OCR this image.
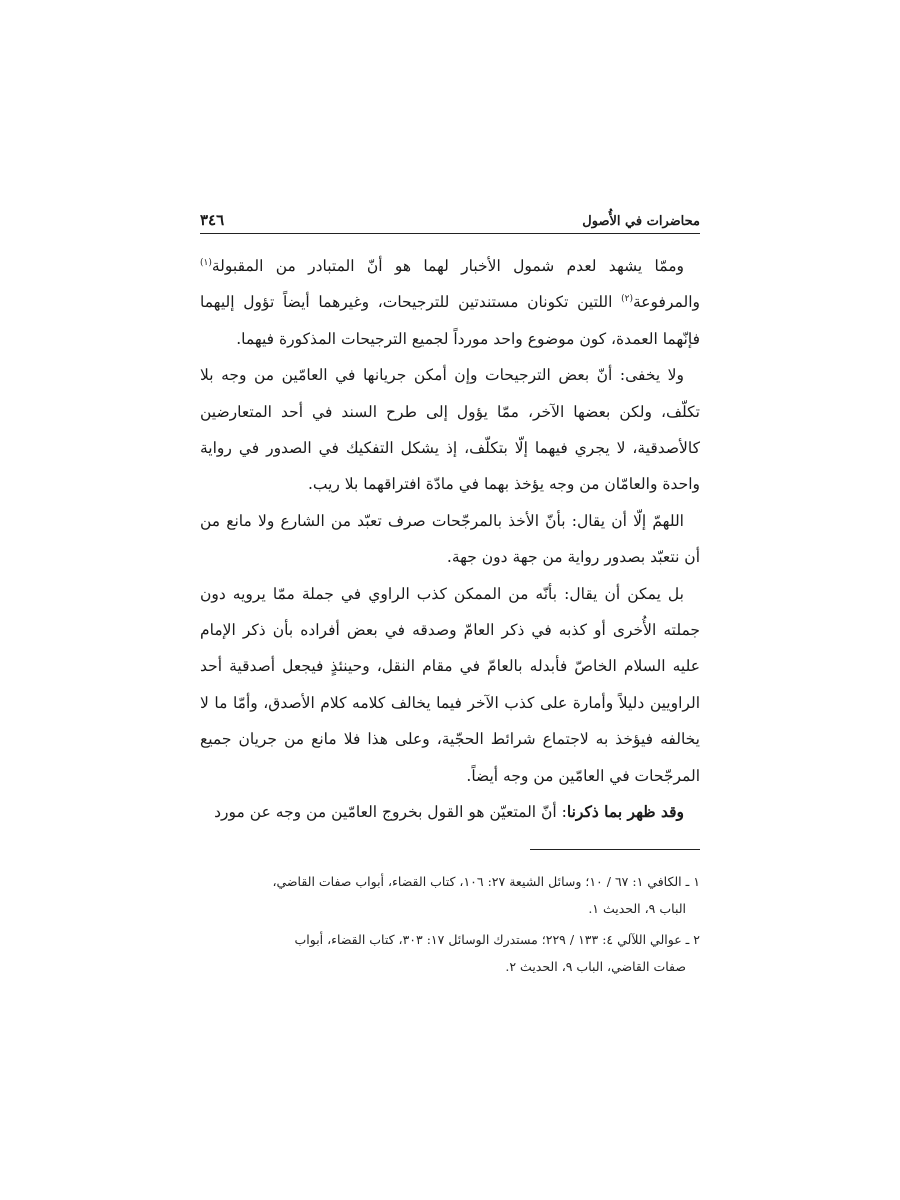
٣٤٦	محاضرات في الأُصول

وممّا يشهد لعدم شمول الأخبار لهما هو أنّ المتبادر من المقبولة$^{(١)}$ والمرفوعة$^{(٢)}$ اللتين تكونان مستندتين للترجيحات، وغيرهما أيضاً تؤول إليهما فإنّهما العمدة، كون موضوع واحد مورداً لجميع الترجيحات المذكورة فيهما.

ولا يخفى: أنّ بعض الترجيحات وإن أمكن جريانها في العامّين من وجه بلا تكلّف، ولكن بعضها الآخر، ممّا يؤول إلى طرح السند في أحد المتعارضين كالأصدقية، لا يجري فيهما إلّا بتكلّف، إذ يشكل التفكيك في الصدور في رواية واحدة والعامّان من وجه يؤخذ بهما في مادّة افتراقهما بلا ريب.

اللهمّ إلّا أن يقال: بأنّ الأخذ بالمرجّحات صرف تعبّد من الشارع ولا مانع من أن نتعبّد بصدور رواية من جهة دون جهة.

بل يمكن أن يقال: بأنّه من الممكن كذب الراوي في جملة ممّا يرويه دون جملته الأُخرى أو كذبه في ذكر العامّ وصدقه في بعض أفراده بأن ذكر الإمام عليه السلام الخاصّ فأبدله بالعامّ في مقام النقل، وحينئذٍ فيجعل أصدقية أحد الراويين دليلاً وأمارة على كذب الآخر فيما يخالف كلامه كلام الأصدق، وأمّا ما لا يخالفه فيؤخذ به لاجتماع شرائط الحجّية، وعلى هذا فلا مانع من جريان جميع المرجّحات في العامّين من وجه أيضاً.

وقد ظهر بما ذكرنا: أنّ المتعيّن هو القول بخروج العامّين من وجه عن مورد

١ ـ الكافي ١: ٦٧ / ١٠؛ وسائل الشيعة ٢٧: ١٠٦، كتاب القضاء، أبواب صفات القاضي،
الباب ٩، الحديث ١.
٢ ـ عوالي اللآلي ٤: ١٣٣ / ٢٢٩؛ مستدرك الوسائل ١٧: ٣٠٣، كتاب القضاء، أبواب
صفات القاضي، الباب ٩، الحديث ٢.
